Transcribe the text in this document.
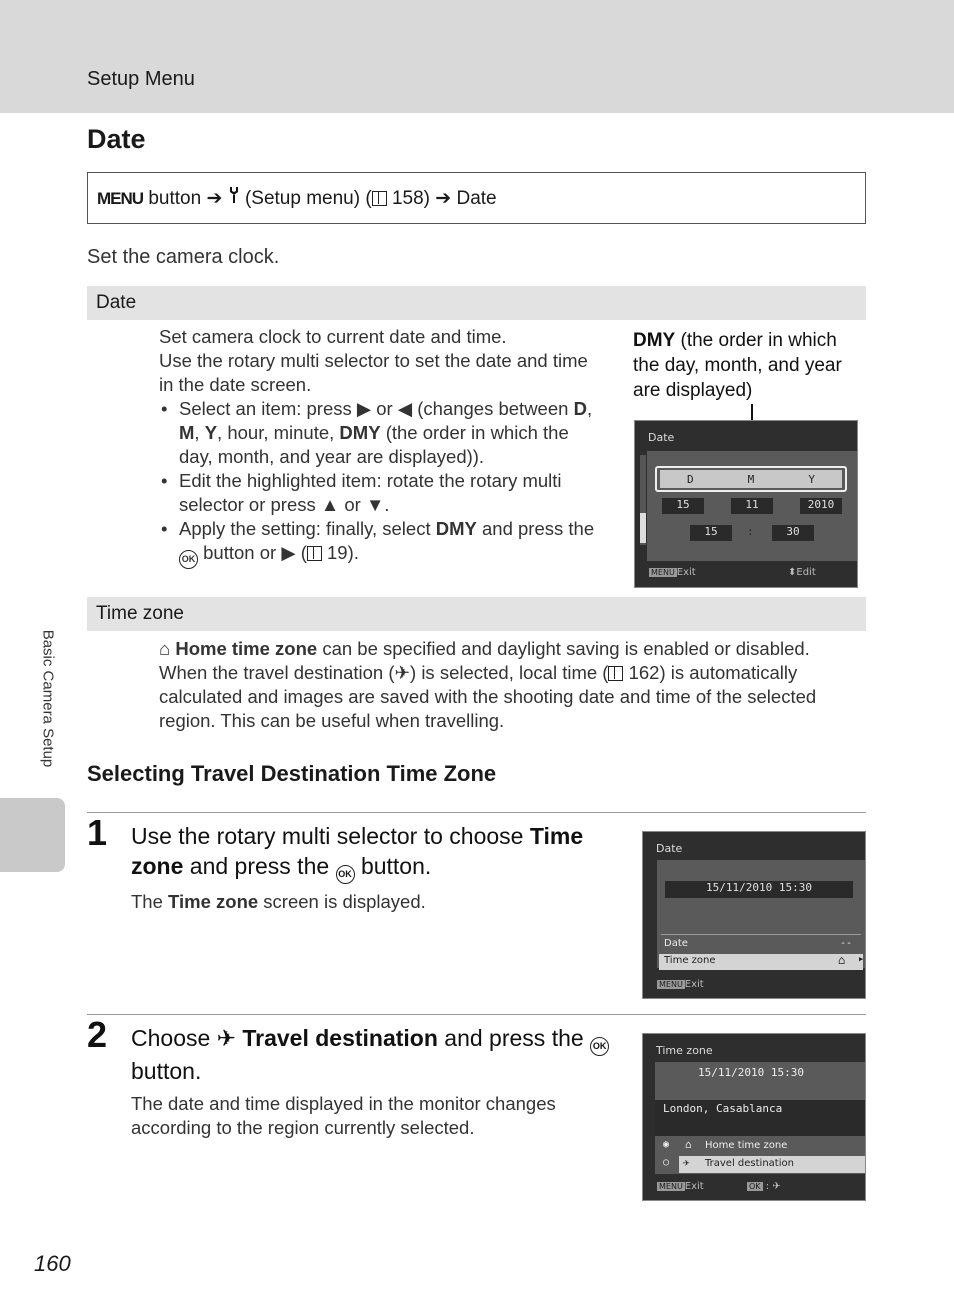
Setup Menu
Date
MENU button ➔ (Setup menu) ( 158) ➔ Date
Set the camera clock.
Date
Set camera clock to current date and time.
Use the rotary multi selector to set the date and time in the date screen.
• Select an item: press ▶ or ◀ (changes between D, M, Y, hour, minute, DMY (the order in which the day, month, and year are displayed)).
• Edit the highlighted item: rotate the rotary multi selector or press ▲ or ▼.
• Apply the setting: finally, select DMY and press the OK button or ▶ ( 19).
DMY (the order in which the day, month, and year are displayed)
Date
D	M	Y
15	11	2010
15	:	30
MENU Exit	⬍Edit
Time zone
⌂ Home time zone can be specified and daylight saving is enabled or disabled.
When the travel destination (✈) is selected, local time ( 162) is automatically
calculated and images are saved with the shooting date and time of the selected
region. This can be useful when travelling.
Selecting Travel Destination Time Zone
Basic Camera Setup
1 Use the rotary multi selector to choose Time zone and press the OK button.
The Time zone screen is displayed.
Date
15/11/2010 15:30
Date	--
Time zone	⌂ ▶
MENU Exit
2 Choose ✈ Travel destination and press the OK button.
The date and time displayed in the monitor changes according to the region currently selected.
Time zone
15/11/2010 15:30
London, Casablanca
◉ ⌂ Home time zone
○ ✈ Travel destination
MENU Exit	OK : ✈
160
